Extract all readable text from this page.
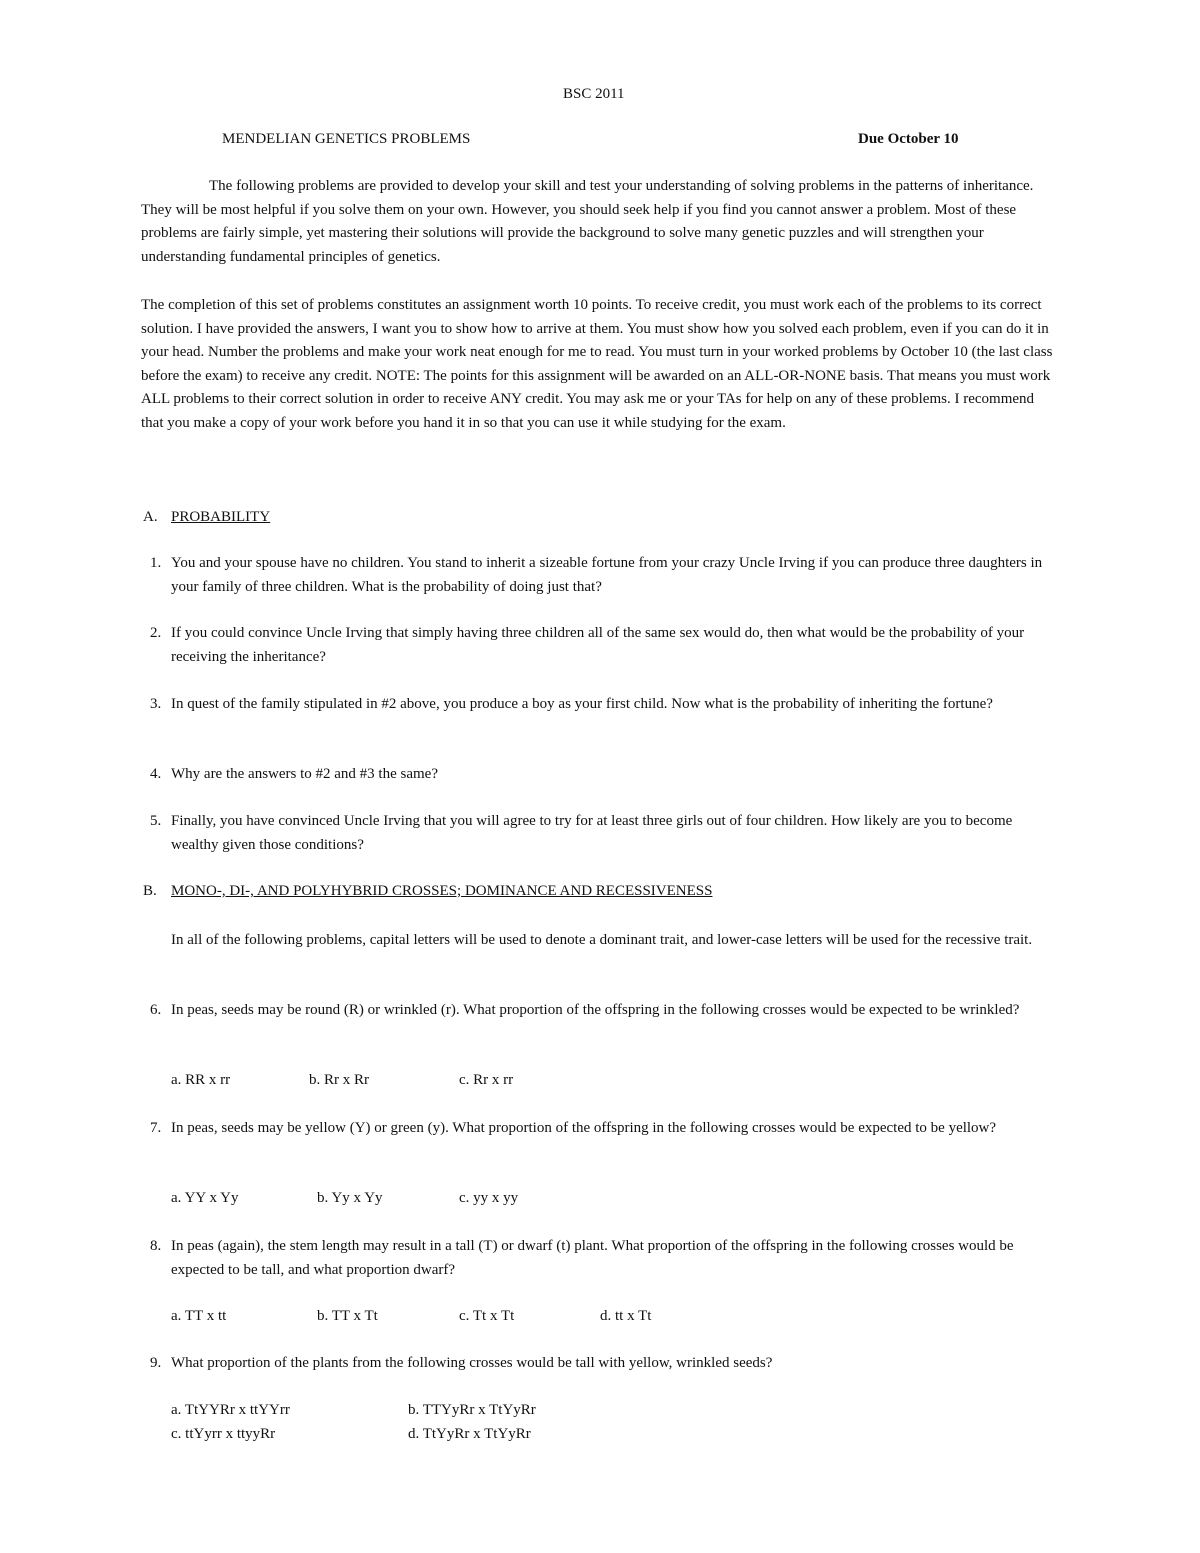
BSC 2011
MENDELIAN GENETICS PROBLEMS	Due October 10
The following problems are provided to develop your skill and test your understanding of solving problems in the patterns of inheritance. They will be most helpful if you solve them on your own. However, you should seek help if you find you cannot answer a problem. Most of these problems are fairly simple, yet mastering their solutions will provide the background to solve many genetic puzzles and will strengthen your understanding fundamental principles of genetics.
The completion of this set of problems constitutes an assignment worth 10 points. To receive credit, you must work each of the problems to its correct solution. I have provided the answers, I want you to show how to arrive at them. You must show how you solved each problem, even if you can do it in your head. Number the problems and make your work neat enough for me to read. You must turn in your worked problems by October 10 (the last class before the exam) to receive any credit. NOTE: The points for this assignment will be awarded on an ALL-OR-NONE basis. That means you must work ALL problems to their correct solution in order to receive ANY credit. You may ask me or your TAs for help on any of these problems. I recommend that you make a copy of your work before you hand it in so that you can use it while studying for the exam.
A. PROBABILITY
1. You and your spouse have no children. You stand to inherit a sizeable fortune from your crazy Uncle Irving if you can produce three daughters in your family of three children. What is the probability of doing just that?
2. If you could convince Uncle Irving that simply having three children all of the same sex would do, then what would be the probability of your receiving the inheritance?
3. In quest of the family stipulated in #2 above, you produce a boy as your first child. Now what is the probability of inheriting the fortune?
4. Why are the answers to #2 and #3 the same?
5. Finally, you have convinced Uncle Irving that you will agree to try for at least three girls out of four children. How likely are you to become wealthy given those conditions?
B. MONO-, DI-, AND POLYHYBRID CROSSES; DOMINANCE AND RECESSIVENESS
In all of the following problems, capital letters will be used to denote a dominant trait, and lower-case letters will be used for the recessive trait.
6. In peas, seeds may be round (R) or wrinkled (r). What proportion of the offspring in the following crosses would be expected to be wrinkled?
a. RR x rr	b. Rr x Rr	c. Rr x rr
7. In peas, seeds may be yellow (Y) or green (y). What proportion of the offspring in the following crosses would be expected to be yellow?
a. YY x Yy	b. Yy x Yy	c. yy x yy
8. In peas (again), the stem length may result in a tall (T) or dwarf (t) plant. What proportion of the offspring in the following crosses would be expected to be tall, and what proportion dwarf?
a. TT x tt	b. TT x Tt	c. Tt x Tt	d. tt x Tt
9. What proportion of the plants from the following crosses would be tall with yellow, wrinkled seeds?
a. TtYYRr x ttYYrr	b. TTYyRr x TtYyRr
c. ttYyrr x ttyyRr	d. TtYyRr x TtYyRr
